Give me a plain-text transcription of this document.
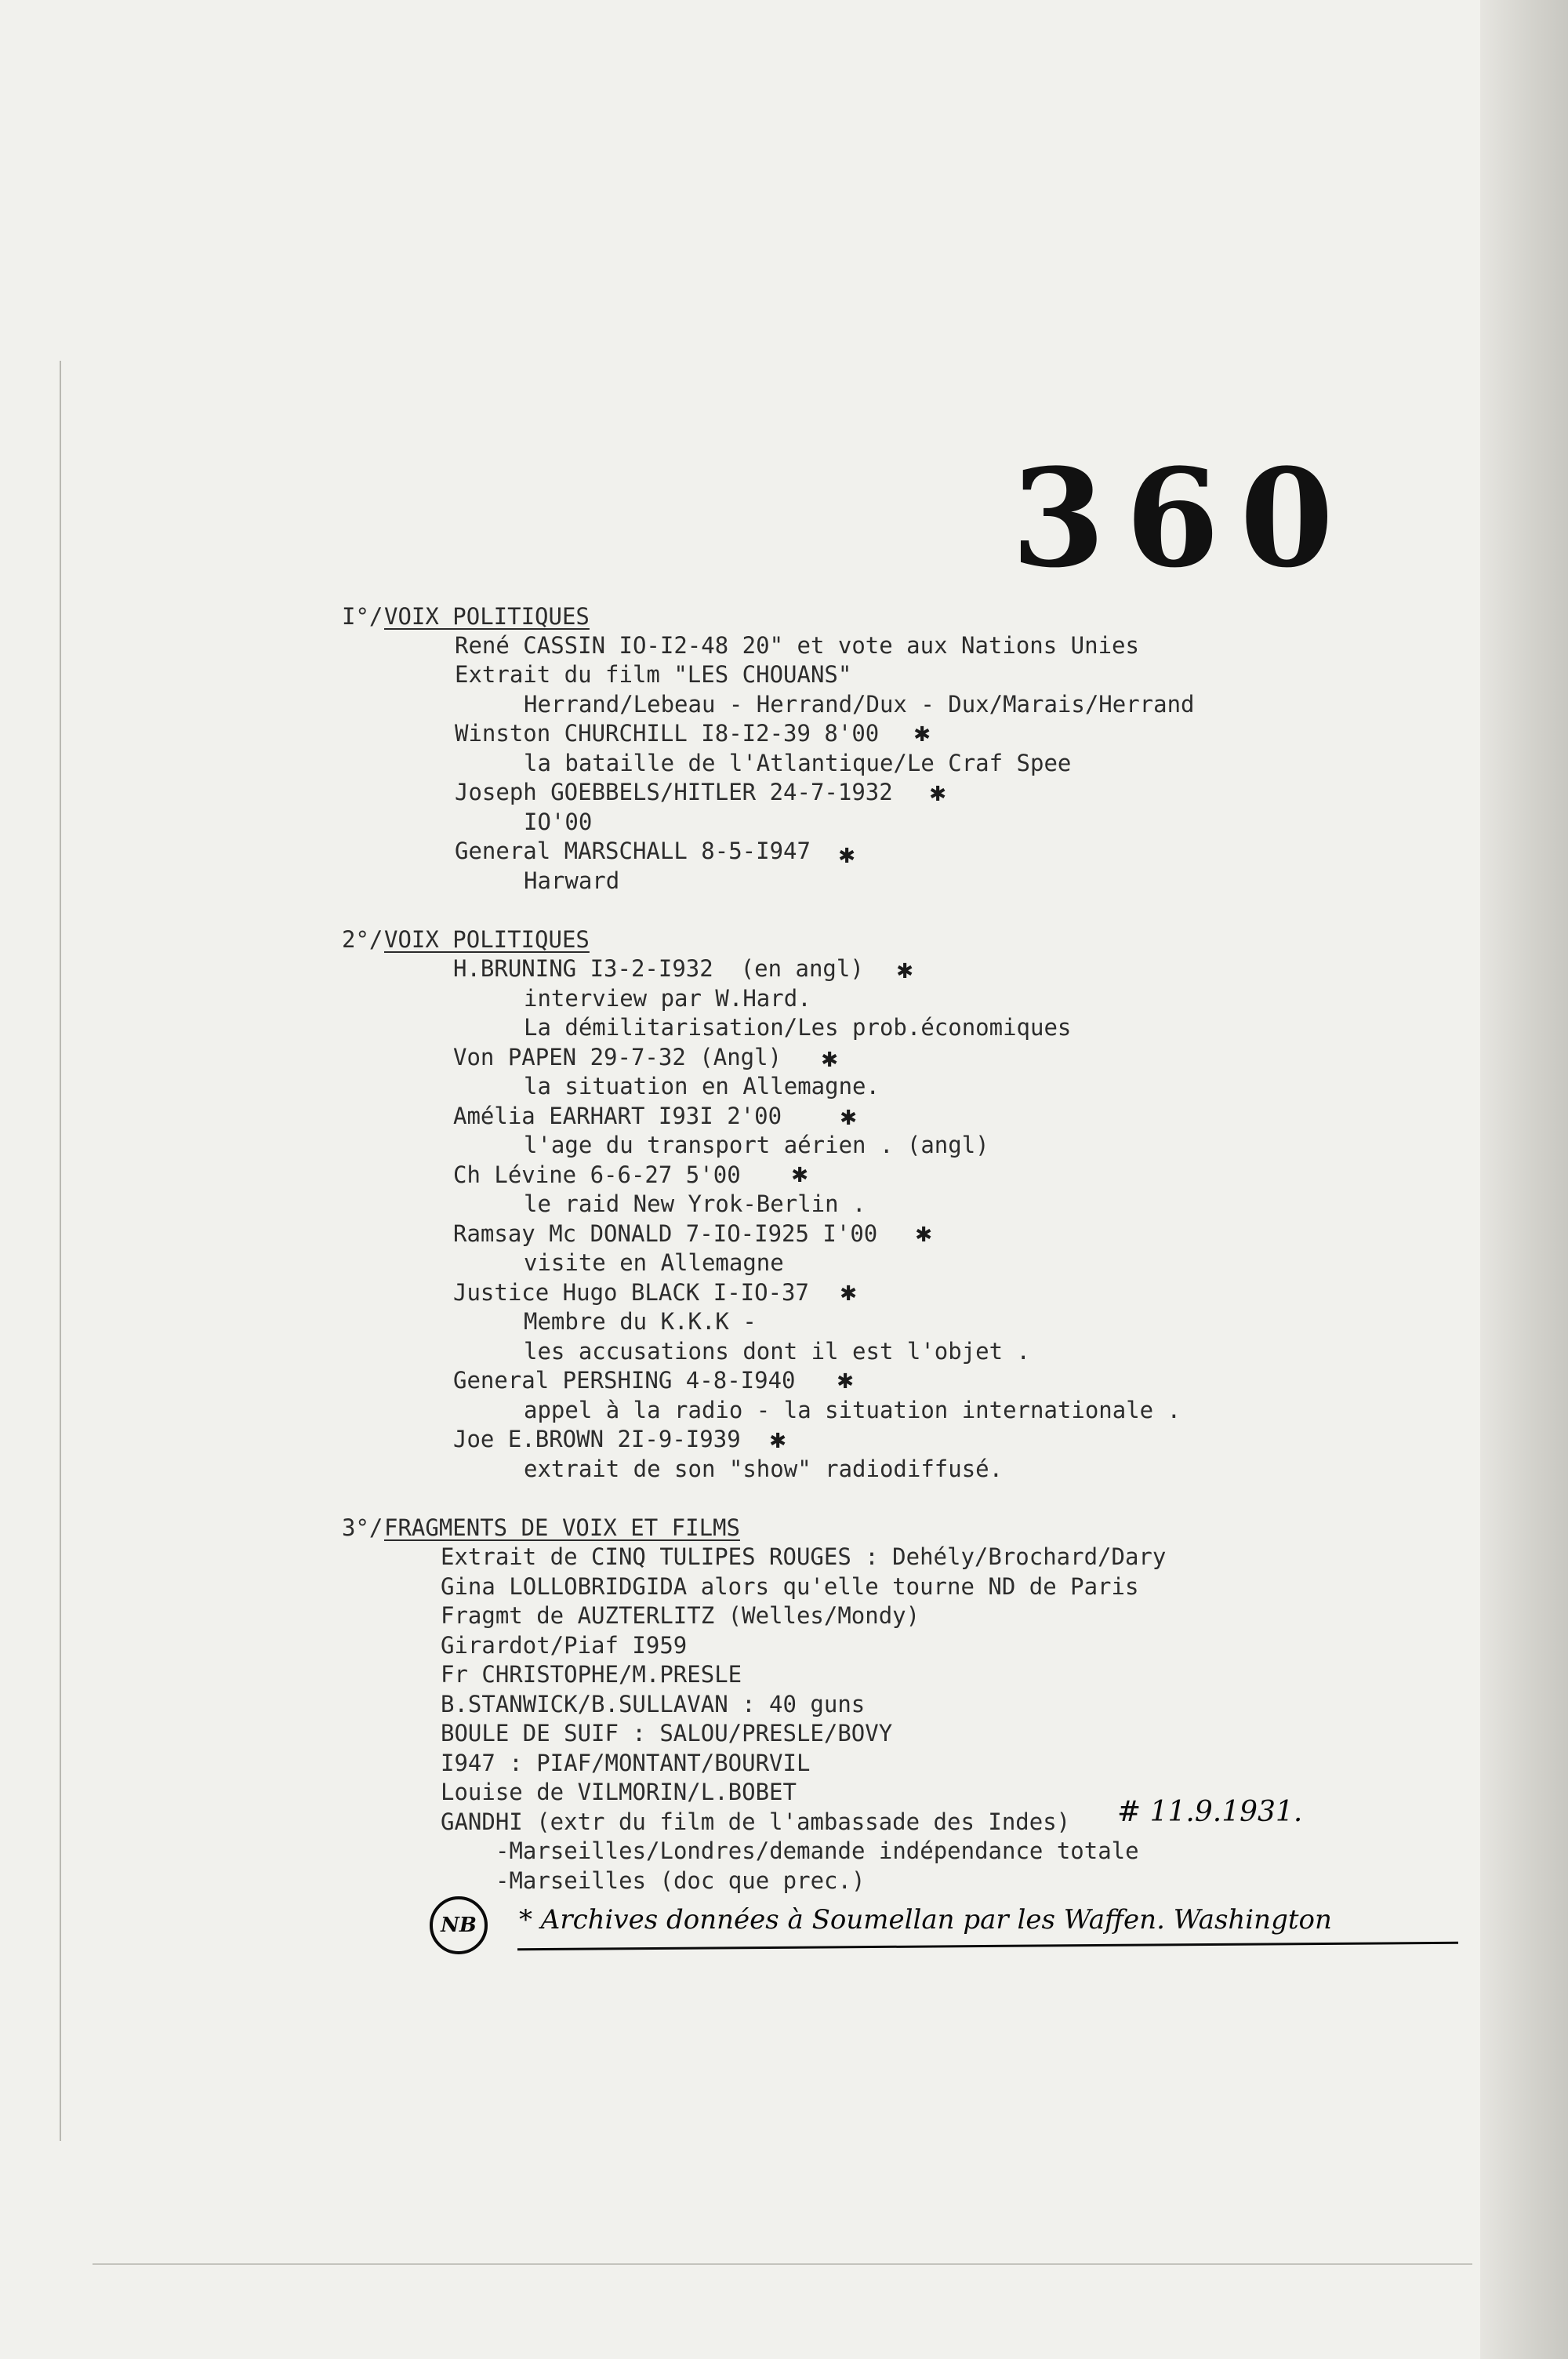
360
I°/ VOIX POLITIQUES
René CASSIN IO-I2-48 20" et vote aux Nations Unies
Extrait du film "LES CHOUANS"
Herrand/Lebeau - Herrand/Dux - Dux/Marais/Herrand
Winston CHURCHILL I8-I2-39 8'00
la bataille de l'Atlantique/Le Craf Spee
Joseph GOEBBELS/HITLER 24-7-1932
IO'00
General MARSCHALL 8-5-I947
Harward
2°/ VOIX POLITIQUES
H.BRUNING I3-2-I932  (en angl)
interview par W.Hard.
La démilitarisation/Les prob.économiques
Von PAPEN 29-7-32 (Angl)
la situation en Allemagne.
Amélia EARHART I93I 2'00
l'age du transport aérien . (angl)
Ch Lévine 6-6-27 5'00
le raid New Yrok-Berlin .
Ramsay Mc DONALD 7-IO-I925 I'00
visite en Allemagne
Justice Hugo BLACK I-IO-37
Membre du K.K.K -
les accusations dont il est l'objet .
General PERSHING 4-8-I940
appel à la radio - la situation internationale .
Joe E.BROWN 2I-9-I939
extrait de son "show" radiodiffusé.
3°/ FRAGMENTS DE VOIX ET FILMS
Extrait de CINQ TULIPES ROUGES : Dehély/Brochard/Dary
Gina LOLLOBRIDGIDA alors qu'elle tourne ND de Paris
Fragmt de AUZTERLITZ (Welles/Mondy)
Girardot/Piaf I959
Fr CHRISTOPHE/M.PRESLE
B.STANWICK/B.SULLAVAN : 40 guns
BOULE DE SUIF : SALOU/PRESLE/BOVY
I947 : PIAF/MONTANT/BOURVIL
Louise de VILMORIN/L.BOBET
GANDHI (extr du film de l'ambassade des Indes)
-Marseilles/Londres/demande indépendance totale
-Marseilles (doc que prec.)
✱
✱
✱
✱
✱
✱
✱
✱
✱
✱
✱
# 11.9.1931.
NB	* Archives données à Soumellan par les Waffen. Washington
